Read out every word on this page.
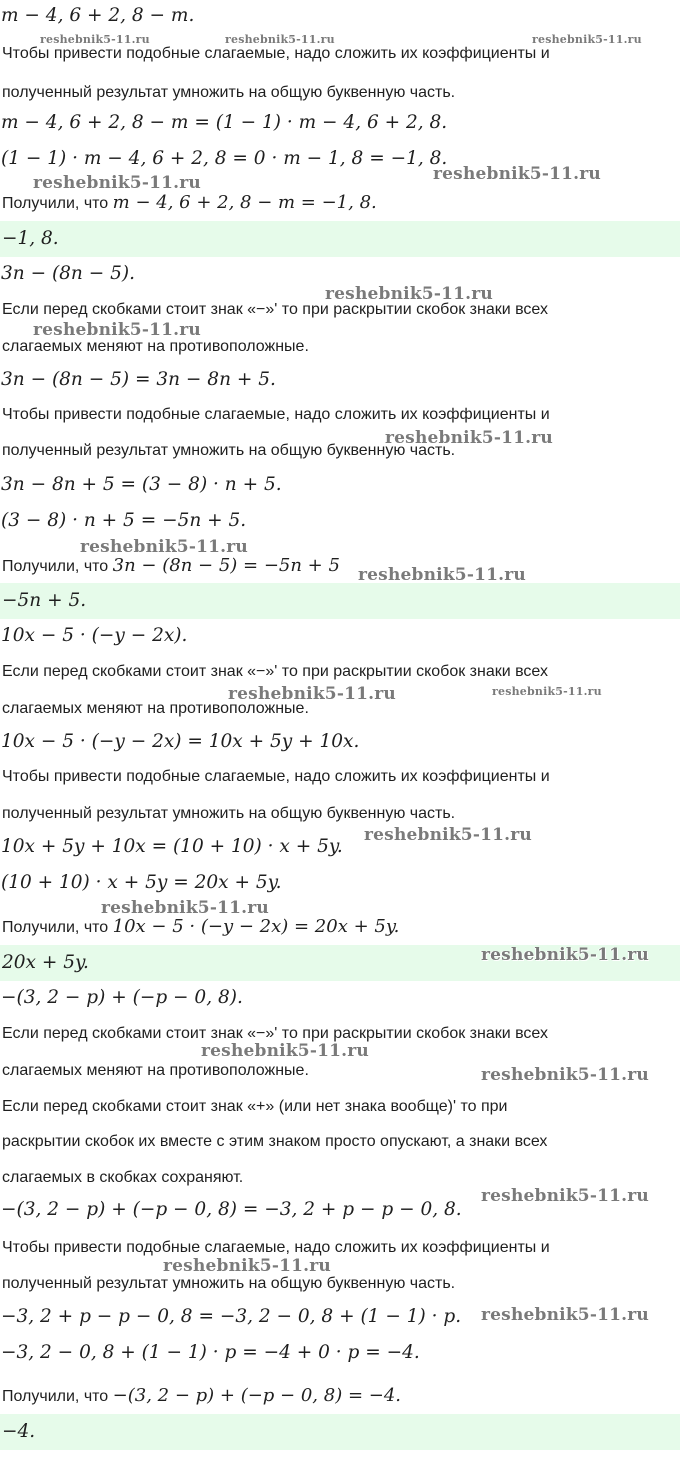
m − 4, 6 + 2, 8 − m.
Чтобы привести подобные слагаемые, надо сложить их коэффициенты и
полученный результат умножить на общую буквенную часть.
m − 4, 6 + 2, 8 − m = (1 − 1) · m − 4, 6 + 2, 8.
(1 − 1) · m − 4, 6 + 2, 8 = 0 · m − 1, 8 = −1, 8.
Получили, что m − 4, 6 + 2, 8 − m = −1, 8.
−1, 8.
3n − (8n − 5).
Если перед скобками стоит знак «−»' то при раскрытии скобок знаки всех
слагаемых меняют на противоположные.
3n − (8n − 5) = 3n − 8n + 5.
Чтобы привести подобные слагаемые, надо сложить их коэффициенты и
полученный результат умножить на общую буквенную часть.
3n − 8n + 5 = (3 − 8) · n + 5.
(3 − 8) · n + 5 = −5n + 5.
Получили, что 3n − (8n − 5) = −5n + 5
−5n + 5.
10x − 5 · (−y − 2x).
Если перед скобками стоит знак «−»' то при раскрытии скобок знаки всех
слагаемых меняют на противоположные.
10x − 5 · (−y − 2x) = 10x + 5y + 10x.
Чтобы привести подобные слагаемые, надо сложить их коэффициенты и
полученный результат умножить на общую буквенную часть.
10x + 5y + 10x = (10 + 10) · x + 5y.
(10 + 10) · x + 5y = 20x + 5y.
Получили, что 10x − 5 · (−y − 2x) = 20x + 5y.
20x + 5y.
−(3, 2 − p) + (−p − 0, 8).
Если перед скобками стоит знак «−»' то при раскрытии скобок знаки всех
слагаемых меняют на противоположные.
Если перед скобками стоит знак «+» (или нет знака вообще)' то при
раскрытии скобок их вместе с этим знаком просто опускают, а знаки всех
слагаемых в скобках сохраняют.
−(3, 2 − p) + (−p − 0, 8) = −3, 2 + p − p − 0, 8.
Чтобы привести подобные слагаемые, надо сложить их коэффициенты и
полученный результат умножить на общую буквенную часть.
−3, 2 + p − p − 0, 8 = −3, 2 − 0, 8 + (1 − 1) · p.
−3, 2 − 0, 8 + (1 − 1) · p = −4 + 0 · p = −4.
Получили, что −(3, 2 − p) + (−p − 0, 8) = −4.
−4.
reshebnik5-11.ru	reshebnik5-11.ru	reshebnik5-11.ru
reshebnik5-11.ru	reshebnik5-11.ru
reshebnik5-11.ru
reshebnik5-11.ru
reshebnik5-11.ru
reshebnik5-11.ru
reshebnik5-11.ru
reshebnik5-11.ru	reshebnik5-11.ru
reshebnik5-11.ru
reshebnik5-11.ru
reshebnik5-11.ru
reshebnik5-11.ru
reshebnik5-11.ru
reshebnik5-11.ru
reshebnik5-11.ru
reshebnik5-11.ru
